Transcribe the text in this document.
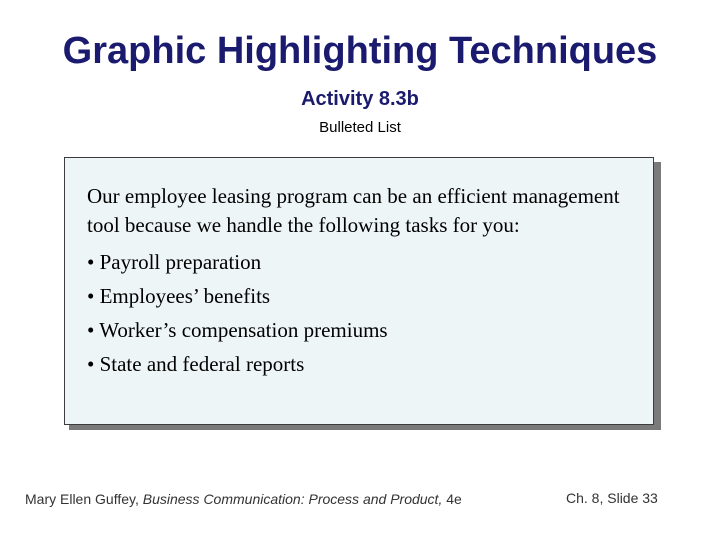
Graphic Highlighting Techniques
Activity 8.3b
Bulleted List

Our employee leasing program can be an efficient management tool because we handle the following tasks for you:

• Payroll preparation
• Employees’ benefits
• Worker’s compensation premiums
• State and federal reports
Mary Ellen Guffey, Business Communication: Process and Product, 4e	Ch. 8, Slide 33
